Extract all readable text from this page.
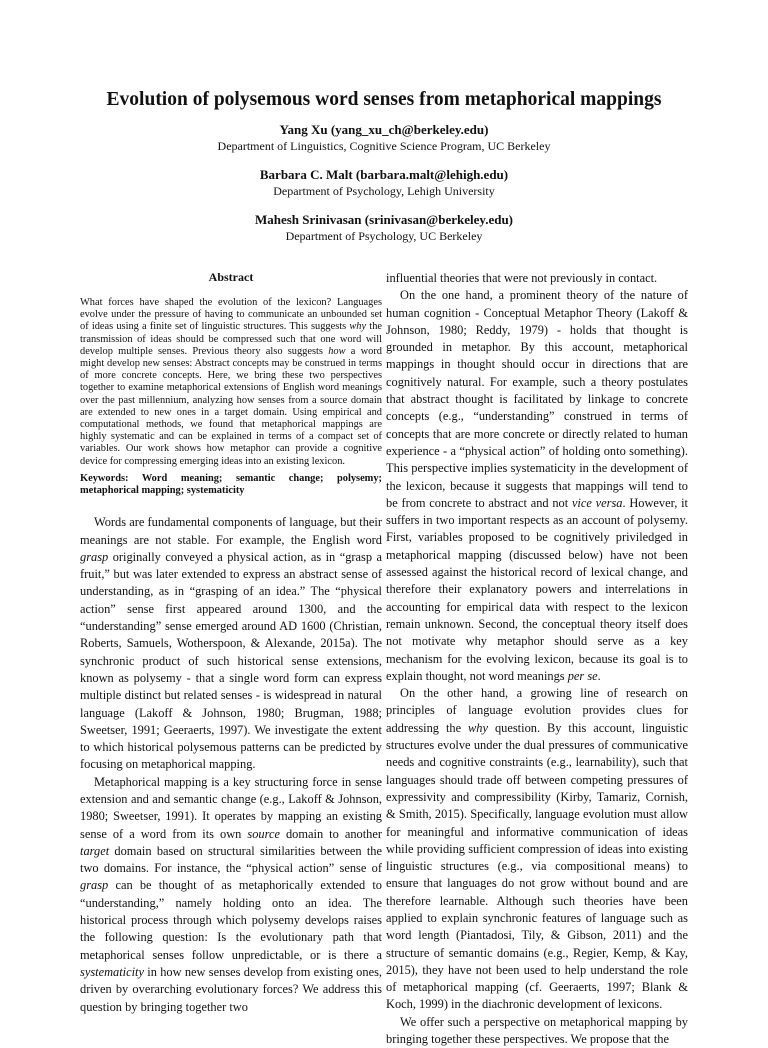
Evolution of polysemous word senses from metaphorical mappings
Yang Xu (yang_xu_ch@berkeley.edu)
Department of Linguistics, Cognitive Science Program, UC Berkeley
Barbara C. Malt (barbara.malt@lehigh.edu)
Department of Psychology, Lehigh University
Mahesh Srinivasan (srinivasan@berkeley.edu)
Department of Psychology, UC Berkeley
Abstract

What forces have shaped the evolution of the lexicon? Languages evolve under the pressure of having to communicate an unbounded set of ideas using a finite set of linguistic structures. This suggests why the transmission of ideas should be compressed such that one word will develop multiple senses. Previous theory also suggests how a word might develop new senses: Abstract concepts may be construed in terms of more concrete concepts. Here, we bring these two perspectives together to examine metaphorical extensions of English word meanings over the past millennium, analyzing how senses from a source domain are extended to new ones in a target domain. Using empirical and computational methods, we found that metaphorical mappings are highly systematic and can be explained in terms of a compact set of variables. Our work shows how metaphor can provide a cognitive device for compressing emerging ideas into an existing lexicon.

Keywords: Word meaning; semantic change; polysemy; metaphorical mapping; systematicity

Words are fundamental components of language, but their meanings are not stable. For example, the English word grasp originally conveyed a physical action, as in “grasp a fruit,” but was later extended to express an abstract sense of understanding, as in “grasping of an idea.” The “physical action” sense first appeared around 1300, and the “understanding” sense emerged around AD 1600 (Christian, Roberts, Samuels, Wotherspoon, & Alexande, 2015a). The synchronic product of such historical sense extensions, known as polysemy - that a single word form can express multiple distinct but related senses - is widespread in natural language (Lakoff & Johnson, 1980; Brugman, 1988; Sweetser, 1991; Geeraerts, 1997). We investigate the extent to which historical polysemous patterns can be predicted by focusing on metaphorical mapping.

Metaphorical mapping is a key structuring force in sense extension and and semantic change (e.g., Lakoff & Johnson, 1980; Sweetser, 1991). It operates by mapping an existing sense of a word from its own source domain to another target domain based on structural similarities between the two domains. For instance, the “physical action” sense of grasp can be thought of as metaphorically extended to “understanding,” namely holding onto an idea. The historical process through which polysemy develops raises the following question: Is the evolutionary path that metaphorical senses follow unpredictable, or is there a systematicity in how new senses develop from existing ones, driven by overarching evolutionary forces? We address this question by bringing together two

influential theories that were not previously in contact.

On the one hand, a prominent theory of the nature of human cognition - Conceptual Metaphor Theory (Lakoff & Johnson, 1980; Reddy, 1979) - holds that thought is grounded in metaphor. By this account, metaphorical mappings in thought should occur in directions that are cognitively natural. For example, such a theory postulates that abstract thought is facilitated by linkage to concrete concepts (e.g., “understanding” construed in terms of concepts that are more concrete or directly related to human experience - a “physical action” of holding onto something). This perspective implies systematicity in the development of the lexicon, because it suggests that mappings will tend to be from concrete to abstract and not vice versa. However, it suffers in two important respects as an account of polysemy. First, variables proposed to be cognitively priviledged in metaphorical mapping (discussed below) have not been assessed against the historical record of lexical change, and therefore their explanatory powers and interrelations in accounting for empirical data with respect to the lexicon remain unknown. Second, the conceptual theory itself does not motivate why metaphor should serve as a key mechanism for the evolving lexicon, because its goal is to explain thought, not word meanings per se.

On the other hand, a growing line of research on principles of language evolution provides clues for addressing the why question. By this account, linguistic structures evolve under the dual pressures of communicative needs and cognitive constraints (e.g., learnability), such that languages should trade off between competing pressures of expressivity and compressibility (Kirby, Tamariz, Cornish, & Smith, 2015). Specifically, language evolution must allow for meaningful and informative communication of ideas while providing sufficient compression of ideas into existing linguistic structures (e.g., via compositional means) to ensure that languages do not grow without bound and are therefore learnable. Although such theories have been applied to explain synchronic features of language such as word length (Piantadosi, Tily, & Gibson, 2011) and the structure of semantic domains (e.g., Regier, Kemp, & Kay, 2015), they have not been used to help understand the role of metaphorical mapping (cf. Geeraerts, 1997; Blank & Koch, 1999) in the diachronic development of lexicons.

We offer such a perspective on metaphorical mapping by bringing together these perspectives. We propose that the
